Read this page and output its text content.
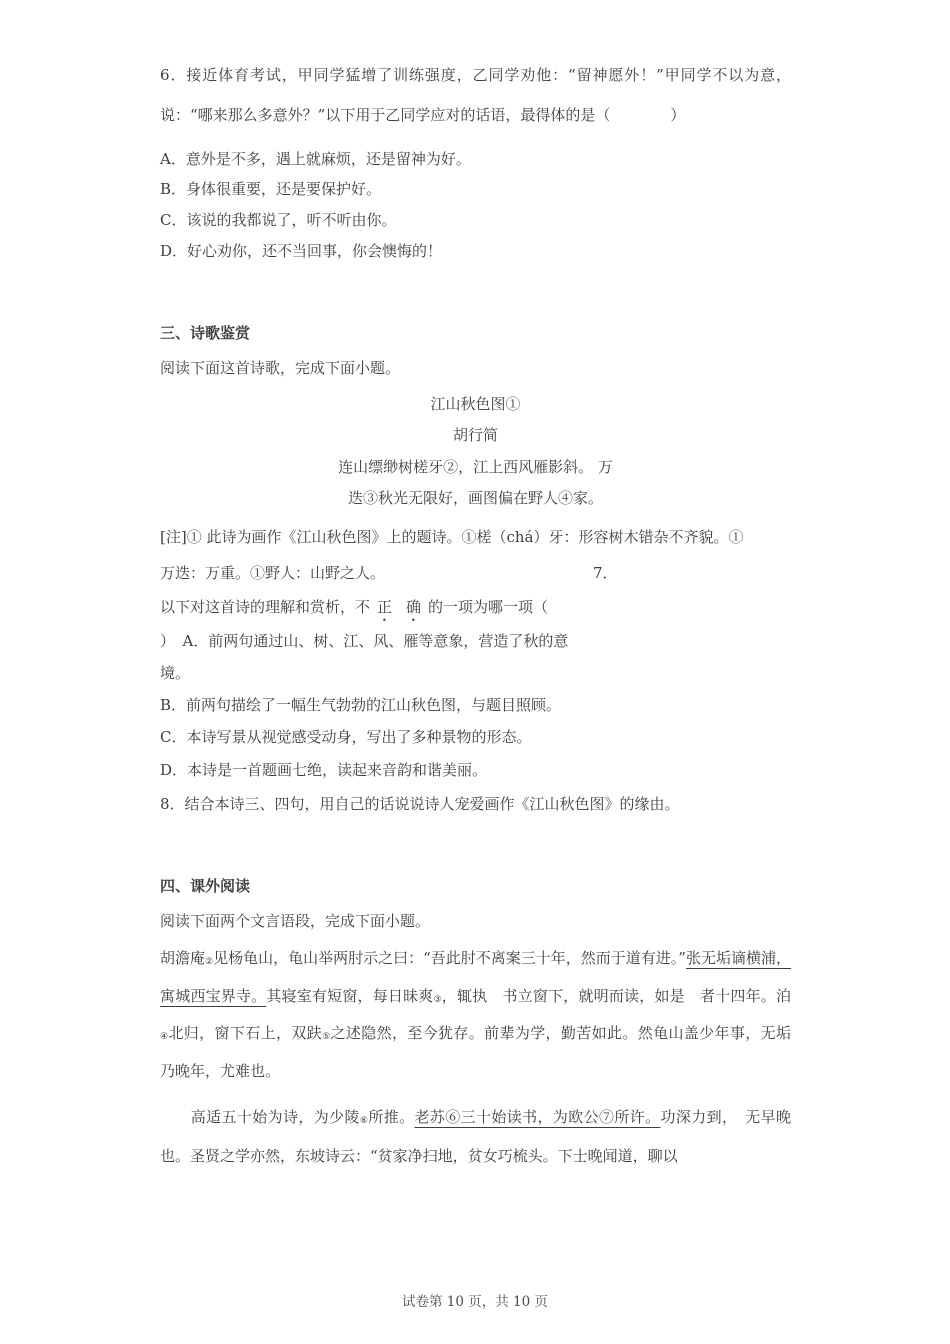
6．接近体育考试，甲同学猛增了训练强度，乙同学劝他：“留神愿外！”甲同学不以为意，说：“哪来那么多意外？”以下用于乙同学应对的话语，最得体的是（　　　　）

A．意外是不多，遇上就麻烦，还是留神为好。

B．身体很重要，还是要保护好。

C．该说的我都说了，听不听由你。

D．好心劝你，还不当回事，你会懊悔的！

三、诗歌鉴赏

阅读下面这首诗歌，完成下面小题。

江山秋色图①

胡行简

连山缥缈树槎牙②，江上西风雁影斜。 万

迭③秋光无限好，画图偏在野人④家。

[注]① 此诗为画作《江山秋色图》上的题诗。①槎（chá）牙：形容树木错杂不齐貌。①

万迭：万重。①野人：山野之人。	7．

以下对这首诗的理解和赏析，不 正 确 的一项为哪一项（

）　A．前两句通过山、树、江、风、雁等意象，营造了秋的意

境。

B．前两句描绘了一幅生气勃勃的江山秋色图，与题目照顾。

C．本诗写景从视觉感受动身，写出了多种景物的形态。

D．本诗是一首题画七绝，读起来音韵和谐美丽。

8．结合本诗三、四句，用自己的话说说诗人宠爱画作《江山秋色图》的缘由。

四、课外阅读

阅读下面两个文言语段，完成下面小题。

胡澹庵②见杨龟山，龟山举两肘示之曰：“吾此肘不离案三十年，然而于道有进。”张无垢谪横浦，寓城西宝界寺。其寝室有短窗，每日昧爽③，辄执　书立窗下，就明而读，如是　者十四年。泊④北归，窗下石上，双趺⑤之述隐然，至今犹存。前辈为学，勤苦如此。然龟山盖少年事，无垢乃晚年，尤难也。

　　高适五十始为诗，为少陵⑥所推。老苏⑥三十始读书，为欧公⑦所许。功深力到，　无早晚也。圣贤之学亦然，东坡诗云：“贫家净扫地，贫女巧梳头。下士晚闻道，聊以

试卷第 10 页，共 10 页
